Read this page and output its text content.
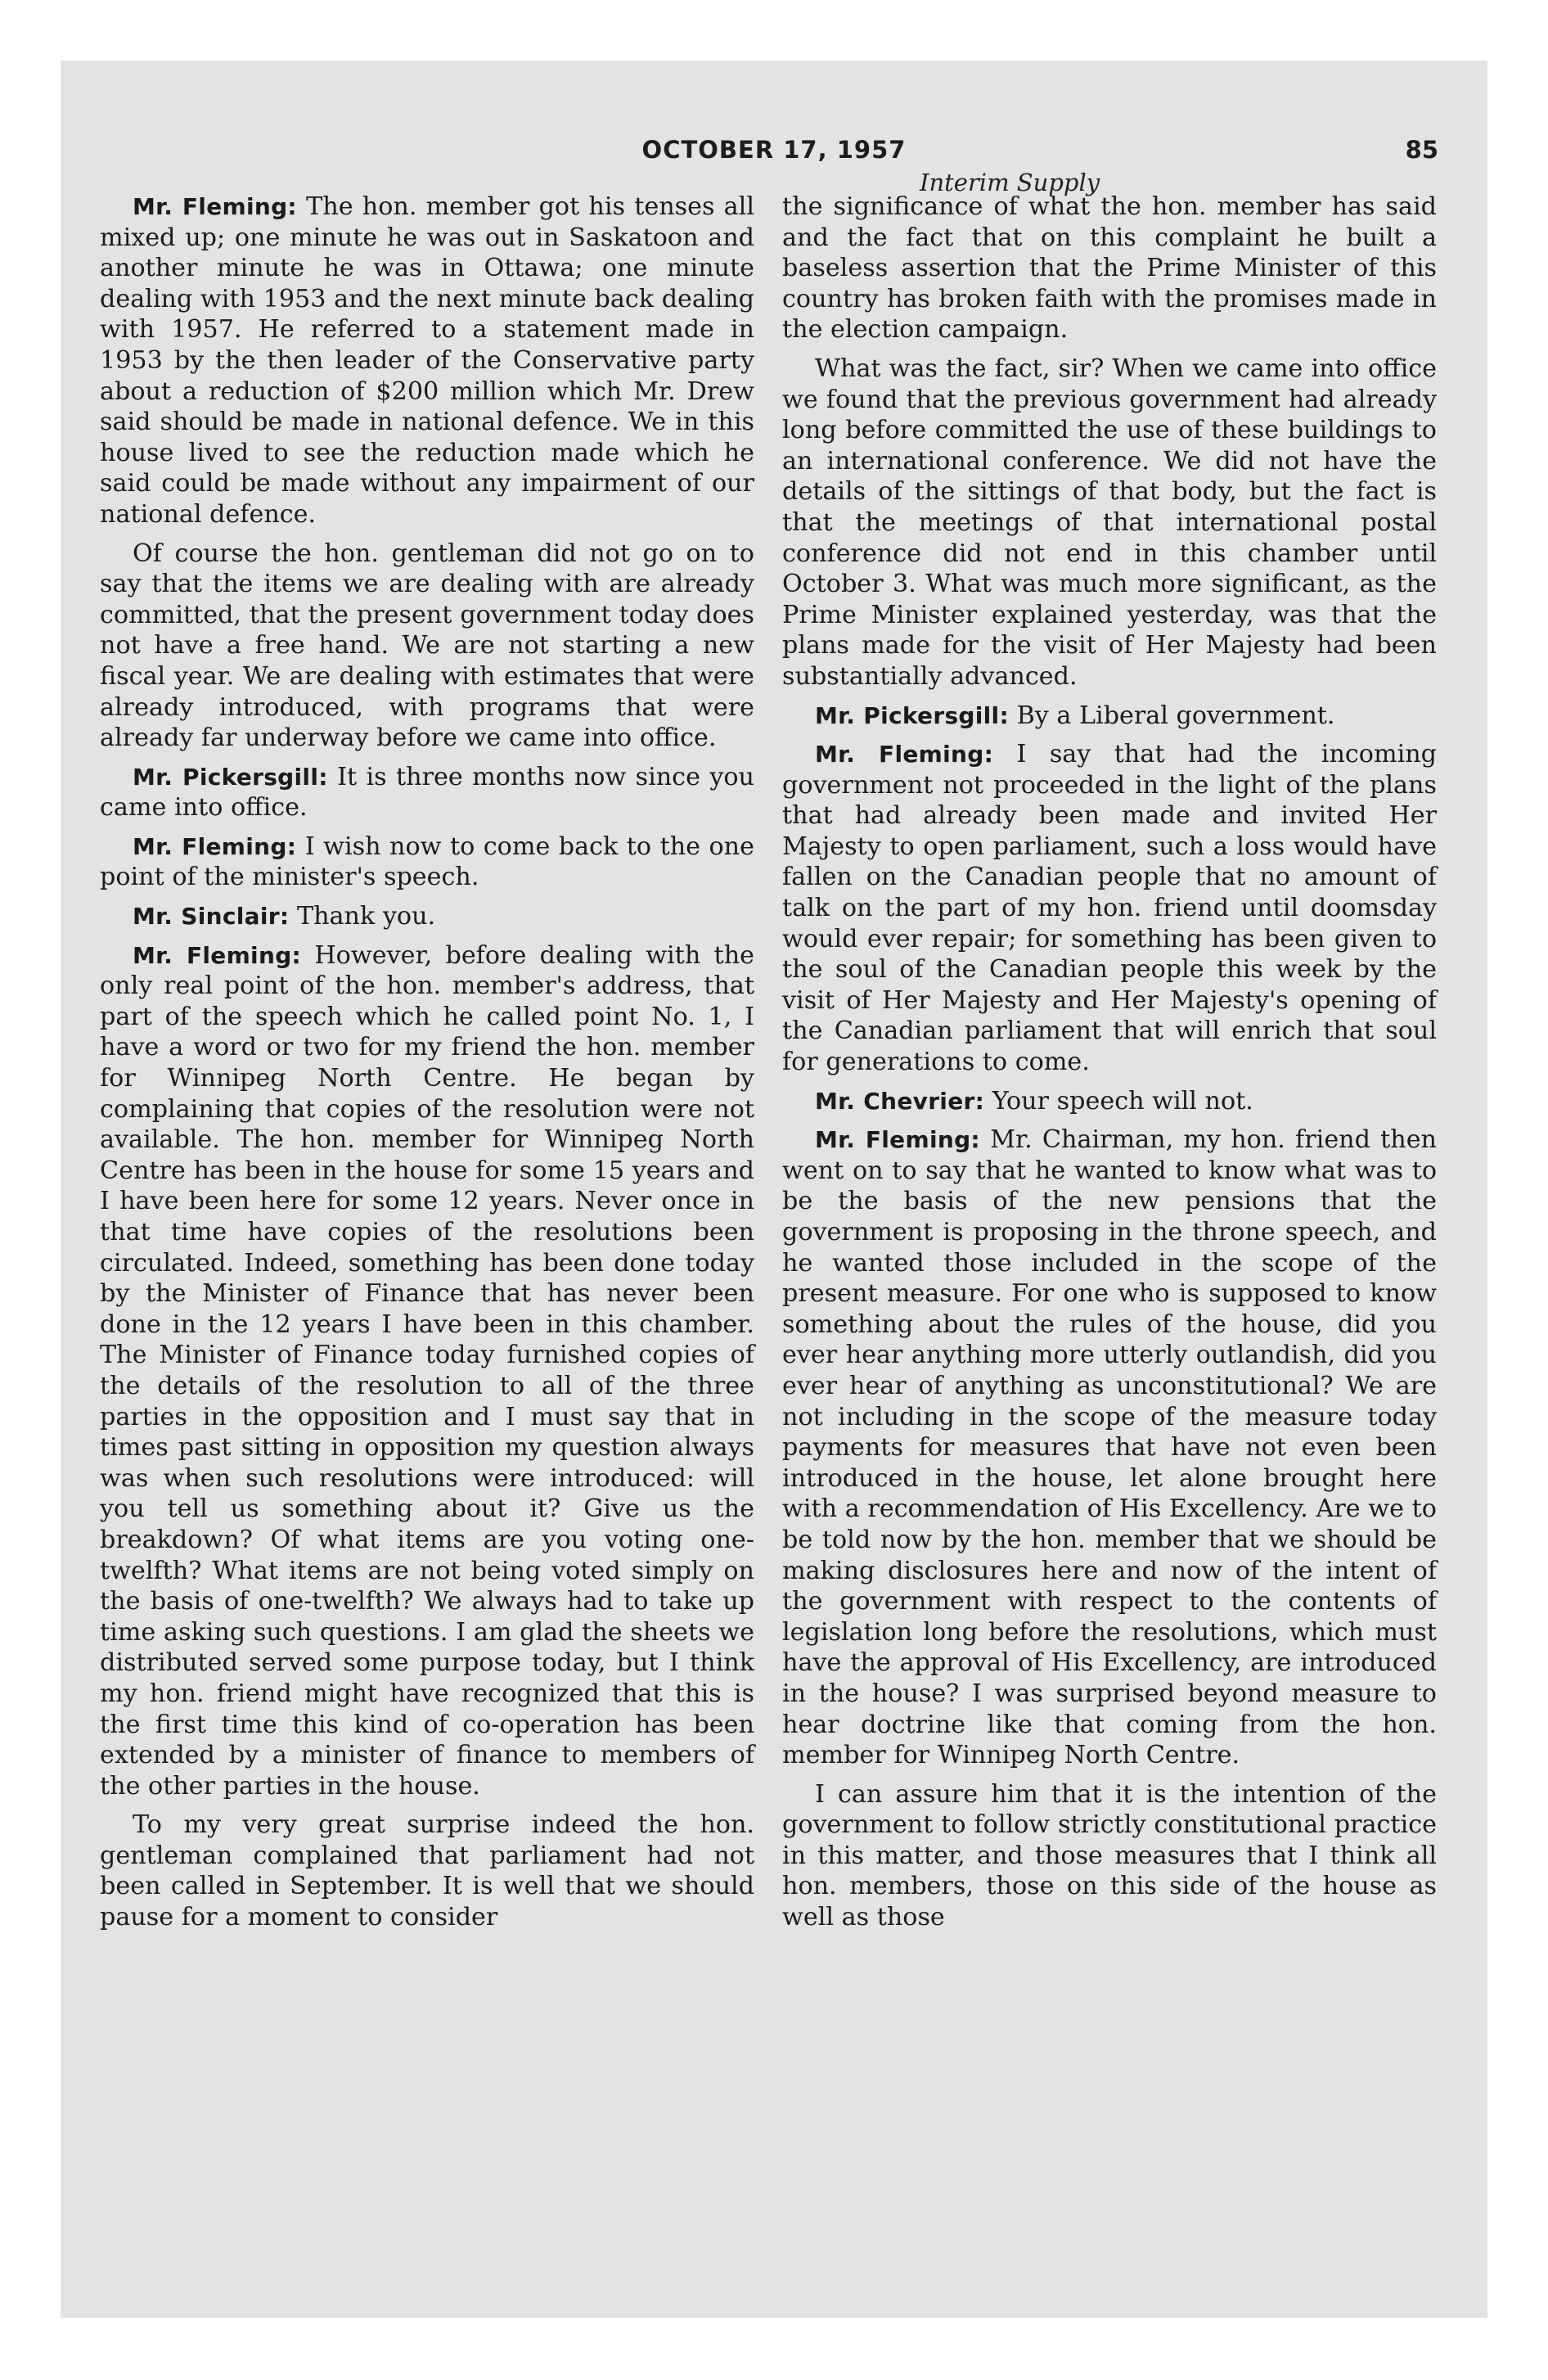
OCTOBER 17, 1957	85
Interim Supply

Mr. Fleming: The hon. member got his tenses all mixed up; one minute he was out in Saskatoon and another minute he was in Ottawa; one minute dealing with 1953 and the next minute back dealing with 1957. He referred to a statement made in 1953 by the then leader of the Conservative party about a reduction of $200 million which Mr. Drew said should be made in national defence. We in this house lived to see the reduction made which he said could be made without any impairment of our national defence.

Of course the hon. gentleman did not go on to say that the items we are dealing with are already committed, that the present government today does not have a free hand. We are not starting a new fiscal year. We are dealing with estimates that were already introduced, with programs that were already far underway before we came into office.

Mr. Pickersgill: It is three months now since you came into office.

Mr. Fleming: I wish now to come back to the one point of the minister's speech.

Mr. Sinclair: Thank you.

Mr. Fleming: However, before dealing with the only real point of the hon. member's address, that part of the speech which he called point No. 1, I have a word or two for my friend the hon. member for Winnipeg North Centre. He began by complaining that copies of the resolution were not available. The hon. member for Winnipeg North Centre has been in the house for some 15 years and I have been here for some 12 years. Never once in that time have copies of the resolutions been circulated. Indeed, something has been done today by the Minister of Finance that has never been done in the 12 years I have been in this chamber. The Minister of Finance today furnished copies of the details of the resolution to all of the three parties in the opposition and I must say that in times past sitting in opposition my question always was when such resolutions were introduced: will you tell us something about it? Give us the breakdown? Of what items are you voting one-twelfth? What items are not being voted simply on the basis of one-twelfth? We always had to take up time asking such questions. I am glad the sheets we distributed served some purpose today, but I think my hon. friend might have recognized that this is the first time this kind of co-operation has been extended by a minister of finance to members of the other parties in the house.

To my very great surprise indeed the hon. gentleman complained that parliament had not been called in September. It is well that we should pause for a moment to consider

the significance of what the hon. member has said and the fact that on this complaint he built a baseless assertion that the Prime Minister of this country has broken faith with the promises made in the election campaign.

What was the fact, sir? When we came into office we found that the previous government had already long before committed the use of these buildings to an international conference. We did not have the details of the sittings of that body, but the fact is that the meetings of that international postal conference did not end in this chamber until October 3. What was much more significant, as the Prime Minister explained yesterday, was that the plans made for the visit of Her Majesty had been substantially advanced.

Mr. Pickersgill: By a Liberal government.

Mr. Fleming: I say that had the incoming government not proceeded in the light of the plans that had already been made and invited Her Majesty to open parliament, such a loss would have fallen on the Canadian people that no amount of talk on the part of my hon. friend until doomsday would ever repair; for something has been given to the soul of the Canadian people this week by the visit of Her Majesty and Her Majesty's opening of the Canadian parliament that will enrich that soul for generations to come.

Mr. Chevrier: Your speech will not.

Mr. Fleming: Mr. Chairman, my hon. friend then went on to say that he wanted to know what was to be the basis of the new pensions that the government is proposing in the throne speech, and he wanted those included in the scope of the present measure. For one who is supposed to know something about the rules of the house, did you ever hear anything more utterly outlandish, did you ever hear of anything as unconstitutional? We are not including in the scope of the measure today payments for measures that have not even been introduced in the house, let alone brought here with a recommendation of His Excellency. Are we to be told now by the hon. member that we should be making disclosures here and now of the intent of the government with respect to the contents of legislation long before the resolutions, which must have the approval of His Excellency, are introduced in the house? I was surprised beyond measure to hear doctrine like that coming from the hon. member for Winnipeg North Centre.

I can assure him that it is the intention of the government to follow strictly constitutional practice in this matter, and those measures that I think all hon. members, those on this side of the house as well as those
